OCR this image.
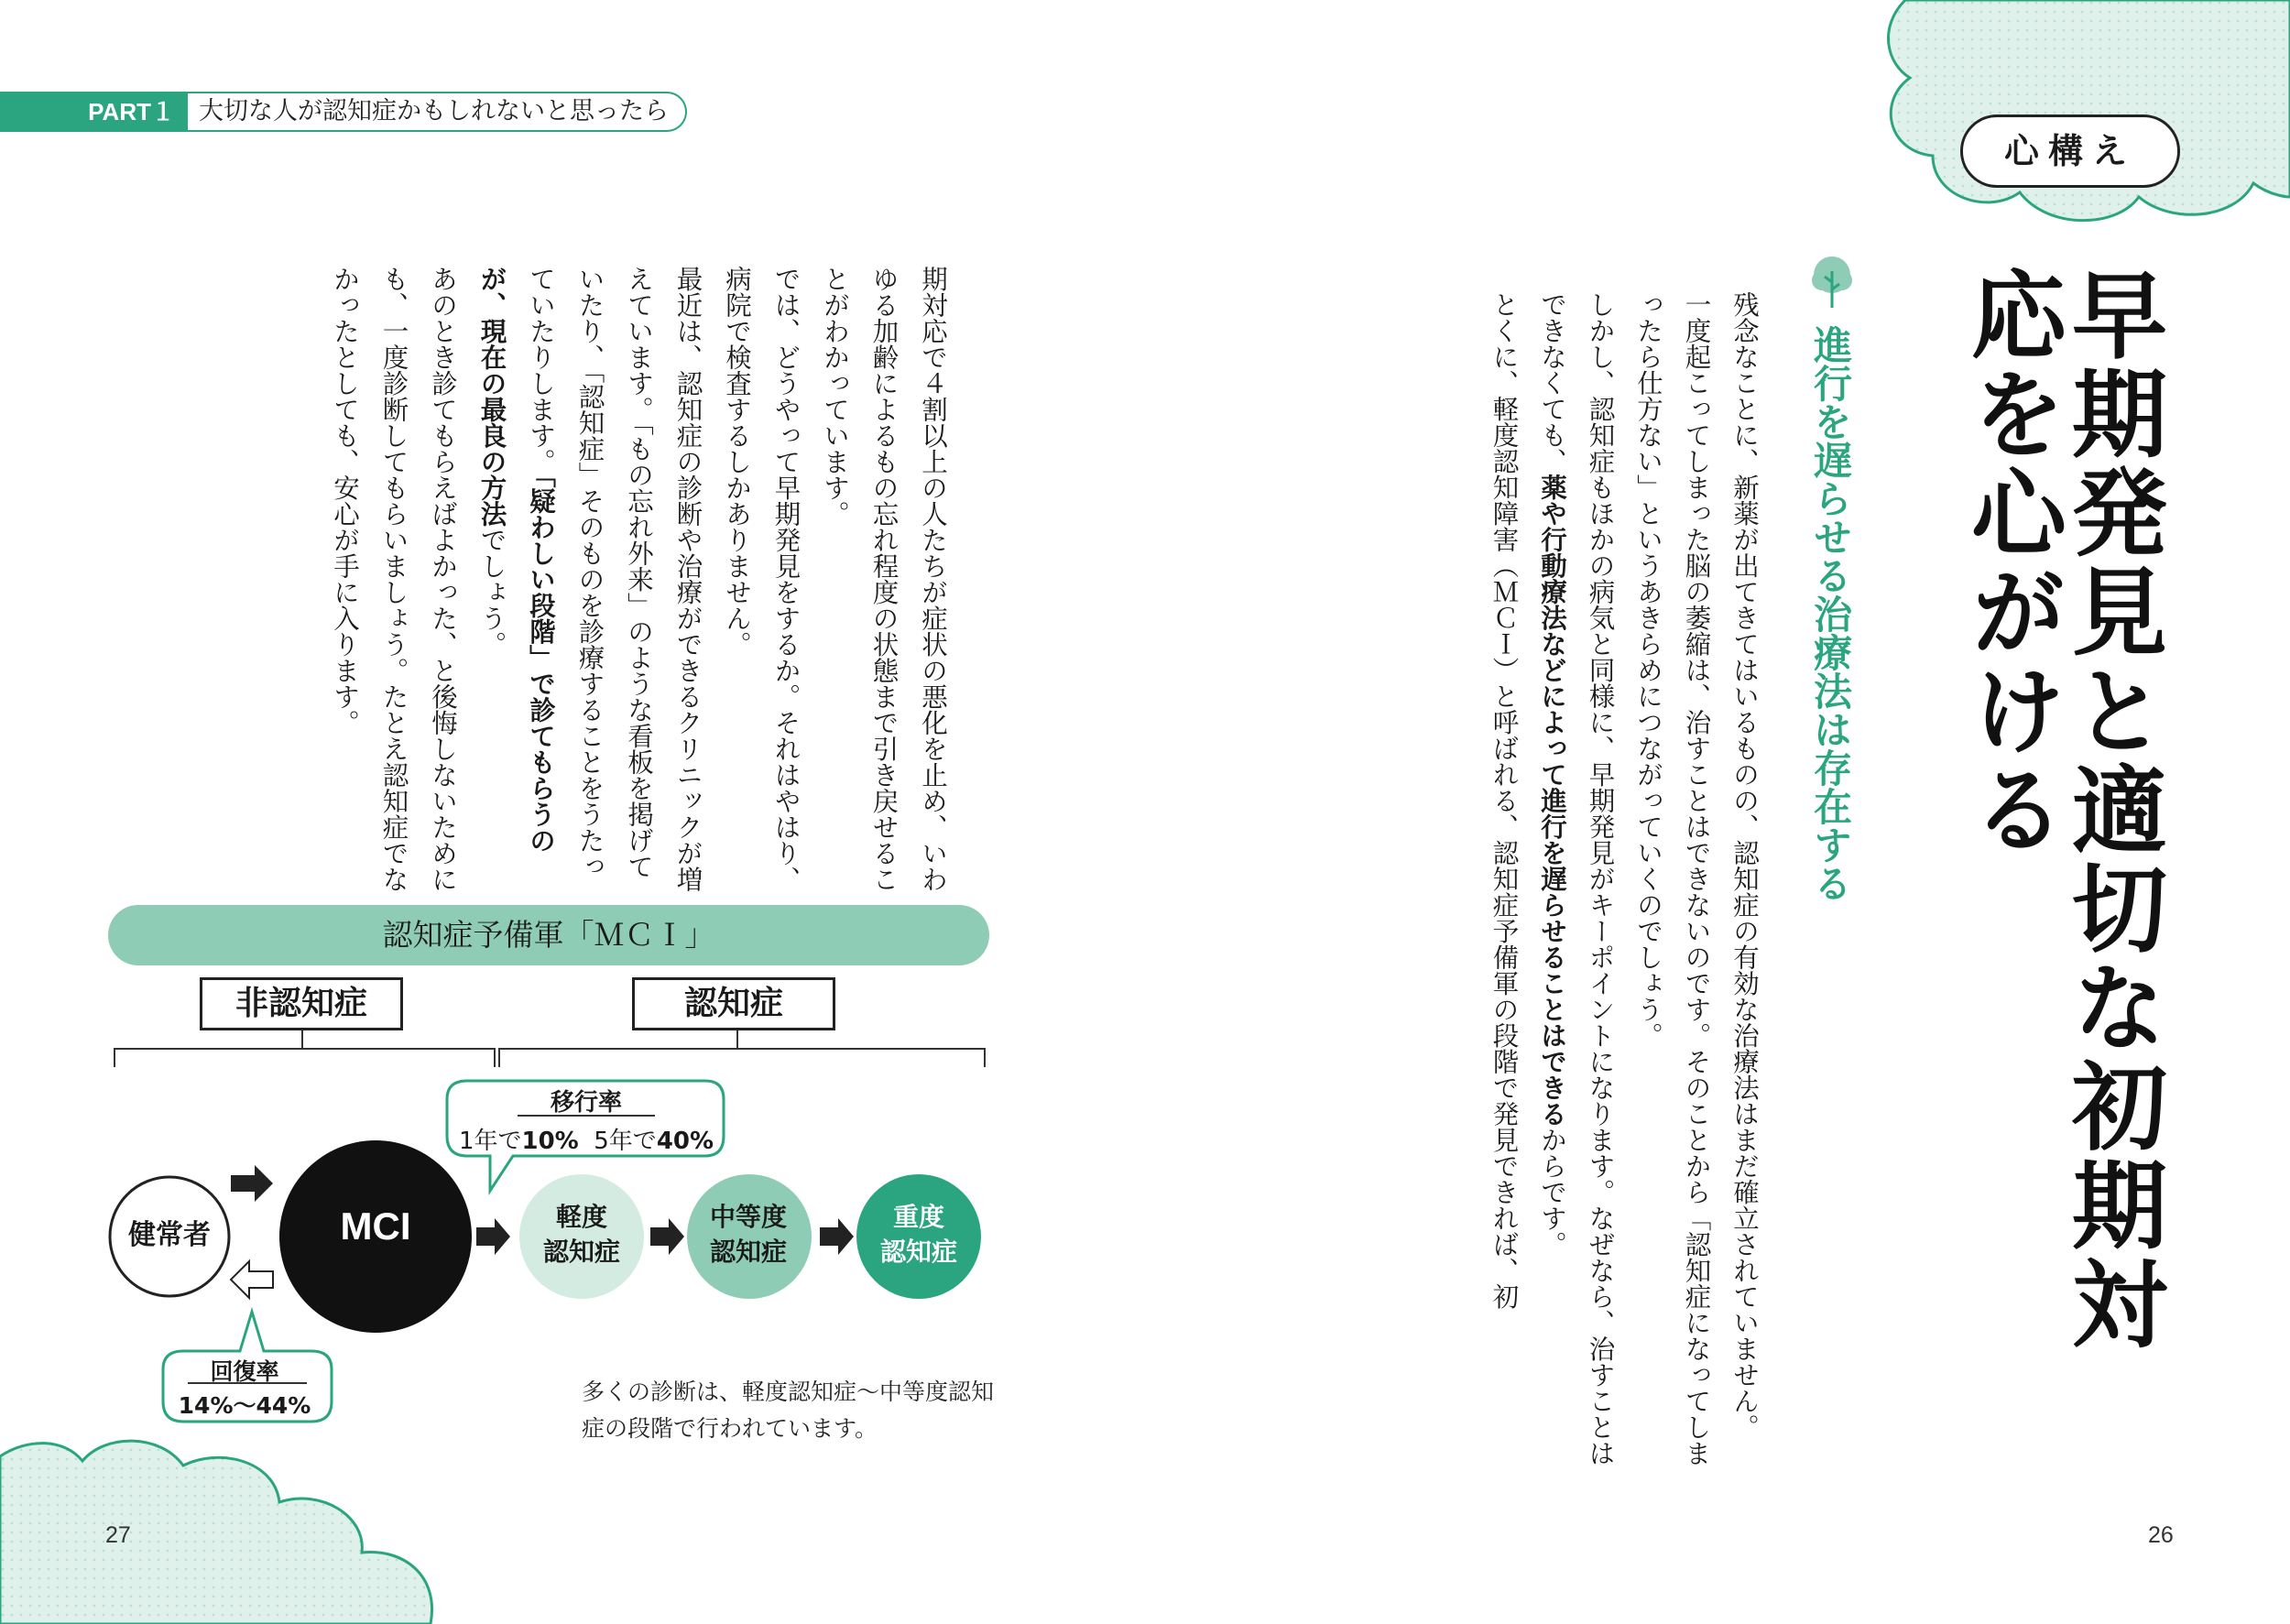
PART１ 大切な人が認知症かもしれないと思ったら
心構え
早期発見と適切な初期対応を心がける
進行を遅らせる治療法は存在する
残念なことに、新薬が出てきてはいるものの、認知症の有効な治療法はまだ確立されていません。
一度起こってしまった脳の萎縮は、治すことはできないのです。そのことから「認知症になってしまったら仕方ない」というあきらめにつながっていくのでしょう。
しかし、認知症もほかの病気と同様に、早期発見がキーポイントになります。なぜなら、治すことはできなくても、薬や行動療法などによって進行を遅らせることはできるからです。
とくに、軽度認知障害（ＭＣＩ）と呼ばれる、認知症予備軍の段階で発見できれば、初
期対応で４割以上の人たちが症状の悪化を止め、いわゆる加齢によるもの忘れ程度の状態まで引き戻せることがわかっています。
では、どうやって早期発見をするか。それはやはり、病院で検査するしかありません。
最近は、認知症の診断や治療ができるクリニックが増えています。「もの忘れ外来」のような看板を掲げていたり、「認知症」そのものを診療することをうたっていたりします。「疑わしい段階」で診てもらうのが、現在の最良の方法でしょう。
あのとき診てもらえばよかった、と後悔しないためにも、一度診断してもらいましょう。たとえ認知症でなかったとしても、安心が手に入ります。
認知症予備軍「ＭＣＩ」
非認知症	認知症
健常者	MCI	軽度
認知症
中等度
認知症
重度
認知症
移行率
1年で10% 5年で40%
回復率
14%〜44%
多くの診断は、軽度認知症〜中等度認知症の段階で行われています。
27	26
